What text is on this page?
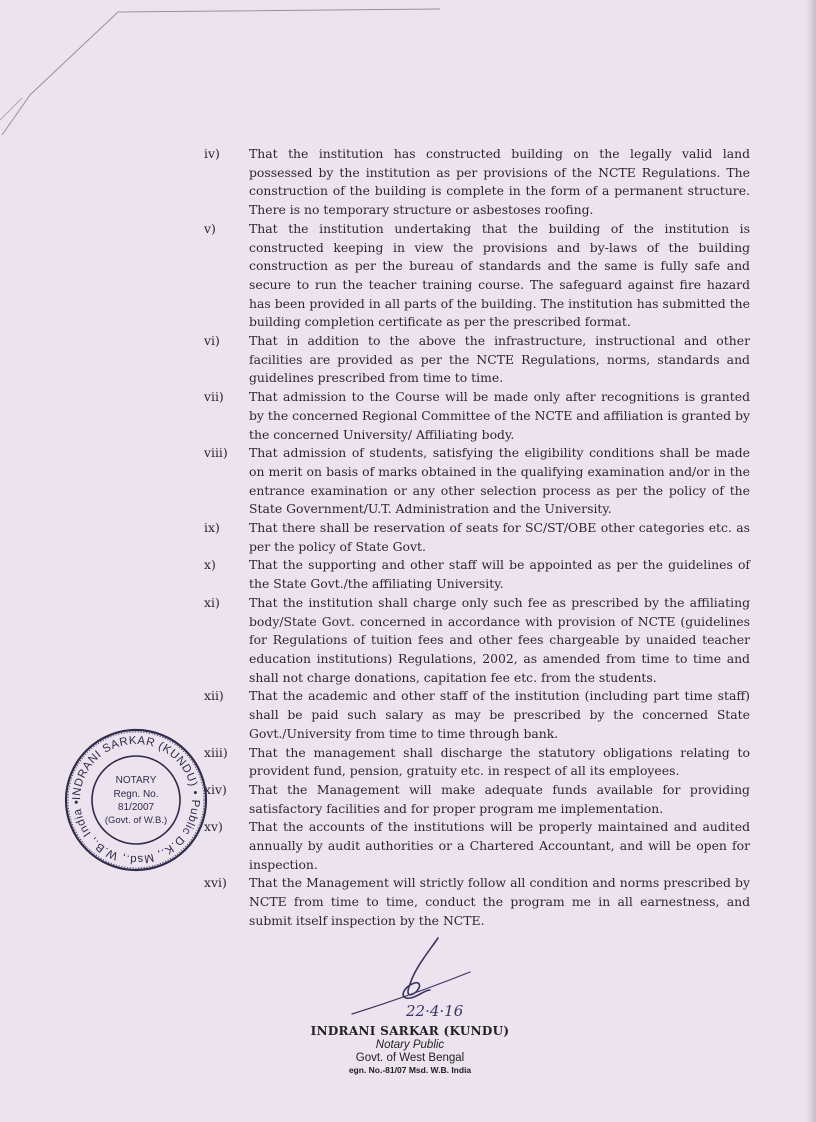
iv)	That the institution has constructed building on the legally valid land possessed by the institution as per provisions of the NCTE Regulations. The construction of the building is complete in the form of a permanent structure. There is no temporary structure or asbestoses roofing.
v)	That the institution undertaking that the building of the institution is constructed keeping in view the provisions and by-laws of the building construction as per the bureau of standards and the same is fully safe and secure to run the teacher training course. The safeguard against fire hazard has been provided in all parts of the building. The institution has submitted the building completion certificate as per the prescribed format.
vi)	That in addition to the above the infrastructure, instructional and other facilities are provided as per the NCTE Regulations, norms, standards and guidelines prescribed from time to time.
vii)	That admission to the Course will be made only after recognitions is granted by the concerned Regional Committee of the NCTE and affiliation is granted by the concerned University/ Affiliating body.
viii)	That admission of students, satisfying the eligibility conditions shall be made on merit on basis of marks obtained in the qualifying examination and/or in the entrance examination or any other selection process as per the policy of the State Government/U.T. Administration and the University.
ix)	That there shall be reservation of seats for SC/ST/OBE other categories etc. as per the policy of State Govt.
x)	That the supporting and other staff will be appointed as per the guidelines of the State Govt./the affiliating University.
xi)	That the institution shall charge only such fee as prescribed by the affiliating body/State Govt. concerned in accordance with provision of NCTE (guidelines for Regulations of tuition fees and other fees chargeable by unaided teacher education institutions) Regulations, 2002, as amended from time to time and shall not charge donations, capitation fee etc. from the students.
xii)	That the academic and other staff of the institution (including part time staff) shall be paid such salary as may be prescribed by the concerned State Govt./University from time to time through bank.
xiii)	That the management shall discharge the statutory obligations relating to provident fund, pension, gratuity etc. in respect of all its employees.
xiv)	That the Management will make adequate funds available for providing satisfactory facilities and for proper program me implementation.
xv)	That the accounts of the institutions will be properly maintained and audited annually by audit authorities or a Chartered Accountant, and will be open for inspection.
xvi)	That the Management will strictly follow all condition and norms prescribed by NCTE from time to time, conduct the program me in all earnestness, and submit itself inspection by the NCTE.
INDRANI SARKAR (KUNDU) • Public D.K., Msd., W.B., India •
NOTARY
Regn. No.
81/2007
(Govt. of W.B.)
22·4·16
INDRANI SARKAR (KUNDU)
Notary Public
Govt. of West Bengal
egn. No.-81/07 Msd. W.B. India
